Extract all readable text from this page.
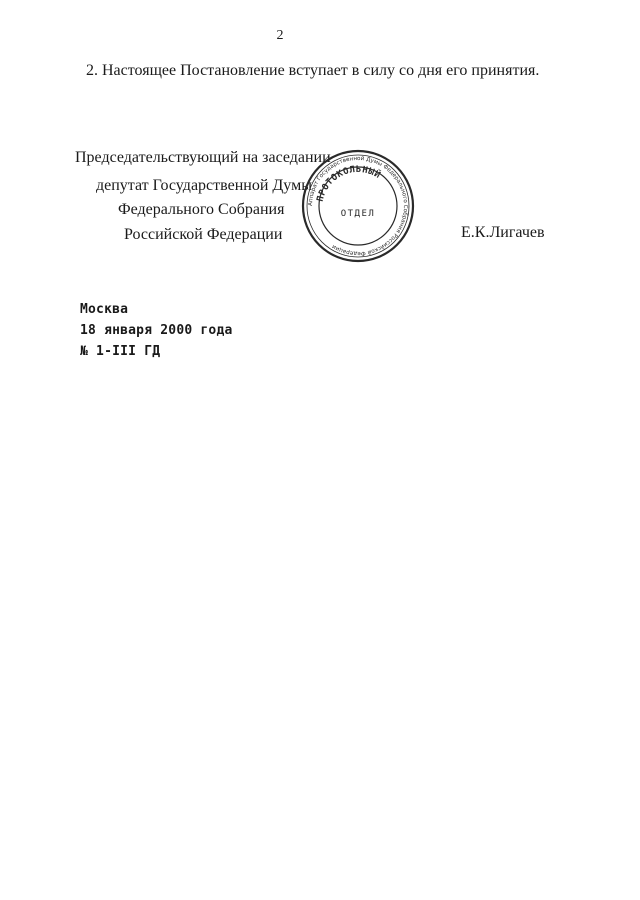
2
2. Настоящее Постановление вступает в силу со дня его принятия.
Председательствующий на заседании
депутат Государственной Думы
Федерального Собрания
Российской Федерации	Е.К.Лигачев
Аппарат Государственной Думы Федерального Собрания Российской Федерации
ПРОТОКОЛЬНЫЙ
ОТДЕЛ
Москва
18 января 2000 года
№ 1-III ГД
